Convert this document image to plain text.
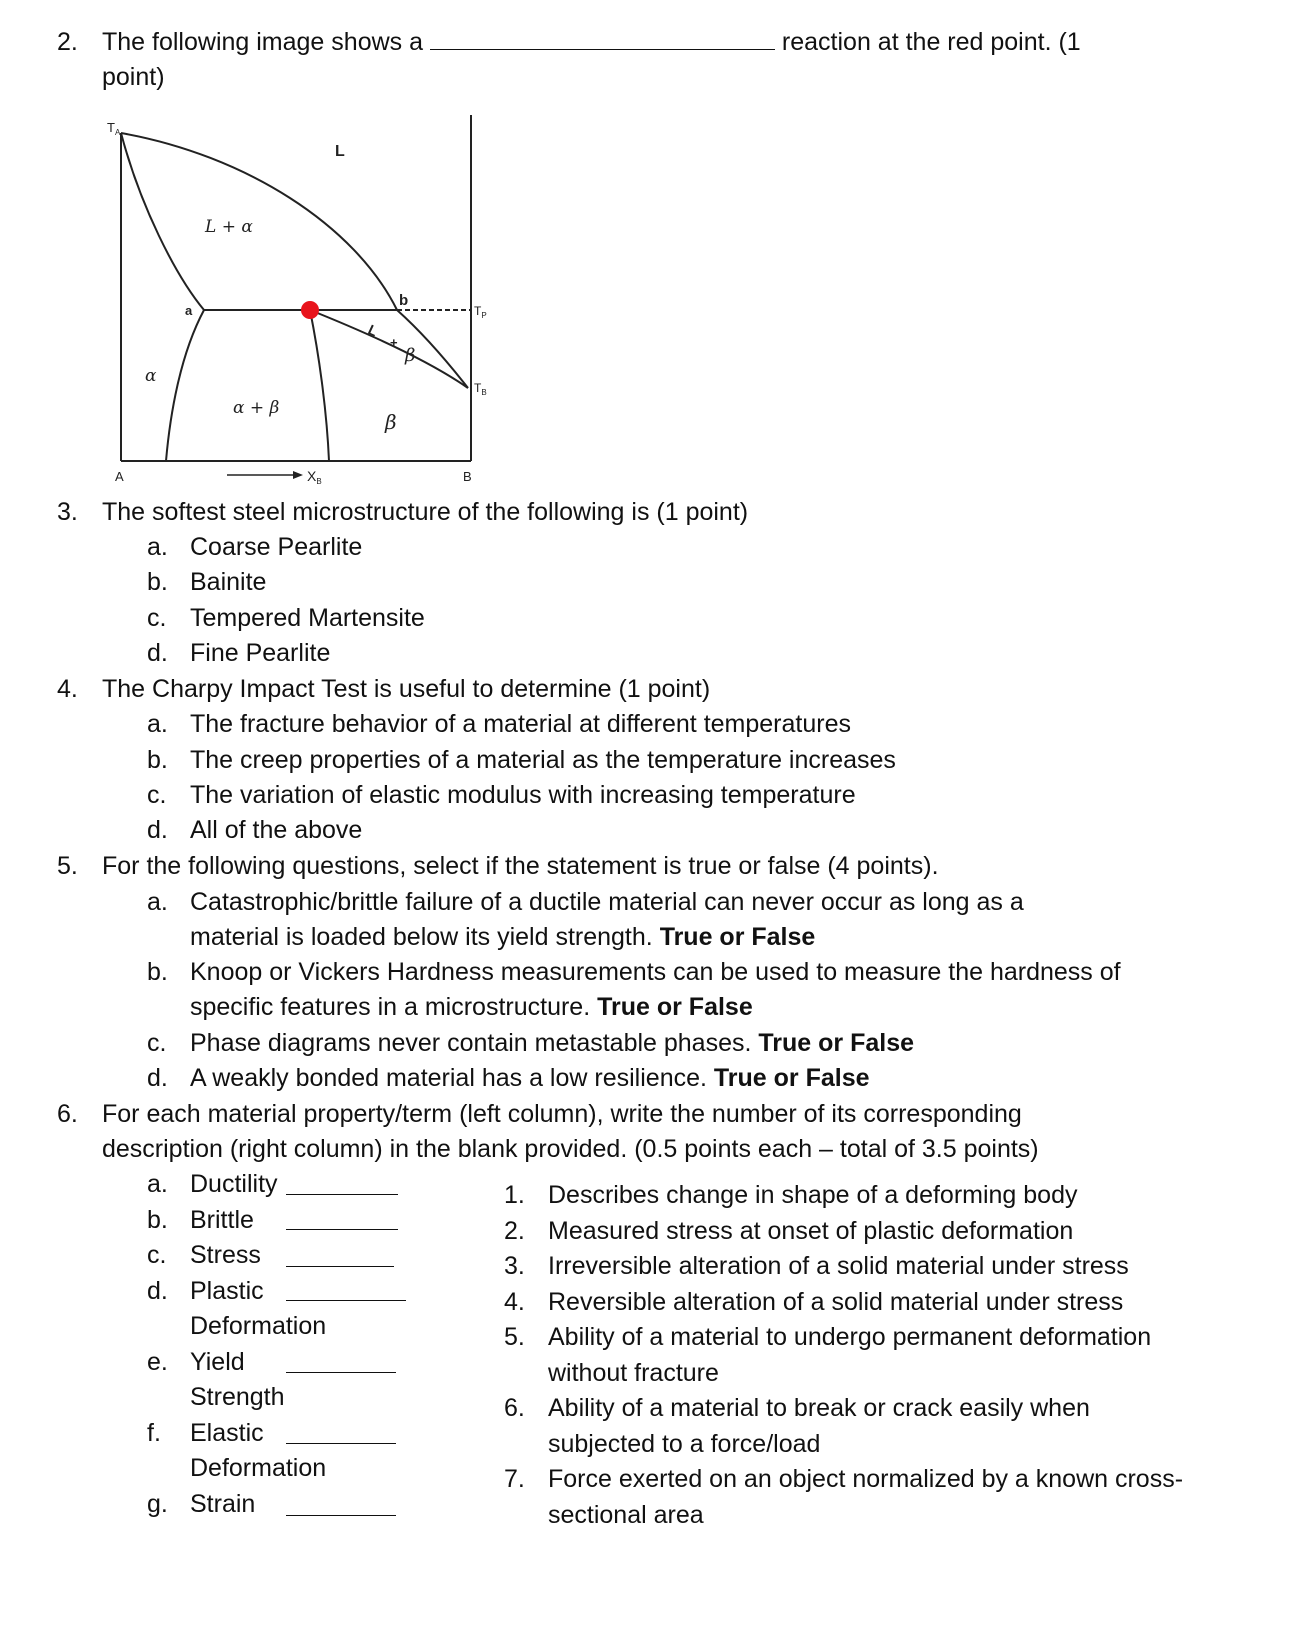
2. The following image shows a	reaction at the red point. (1
point)
$T_A$
L
L + α
a
b
$T_P$
L
+
β
$T_B$
α
α + β
β
A	$X_B$	B
3. The softest steel microstructure of the following is (1 point)
a. Coarse Pearlite
b. Bainite
c. Tempered Martensite
d. Fine Pearlite
4. The Charpy Impact Test is useful to determine (1 point)
a. The fracture behavior of a material at different temperatures
b. The creep properties of a material as the temperature increases
c. The variation of elastic modulus with increasing temperature
d. All of the above
5. For the following questions, select if the statement is true or false (4 points).
a. Catastrophic/brittle failure of a ductile material can never occur as long as a
material is loaded below its yield strength. True or False
b. Knoop or Vickers Hardness measurements can be used to measure the hardness of
specific features in a microstructure. True or False
c. Phase diagrams never contain metastable phases. True or False
d. A weakly bonded material has a low resilience. True or False
6. For each material property/term (left column), write the number of its corresponding
description (right column) in the blank provided. (0.5 points each – total of 3.5 points)
a. Ductility
b. Brittle
c. Stress
d. Plastic
Deformation
e. Yield
Strength
f. Elastic
Deformation
g. Strain
1. Describes change in shape of a deforming body
2. Measured stress at onset of plastic deformation
3. Irreversible alteration of a solid material under stress
4. Reversible alteration of a solid material under stress
5. Ability of a material to undergo permanent deformation
without fracture
6. Ability of a material to break or crack easily when
subjected to a force/load
7. Force exerted on an object normalized by a known cross-
sectional area
